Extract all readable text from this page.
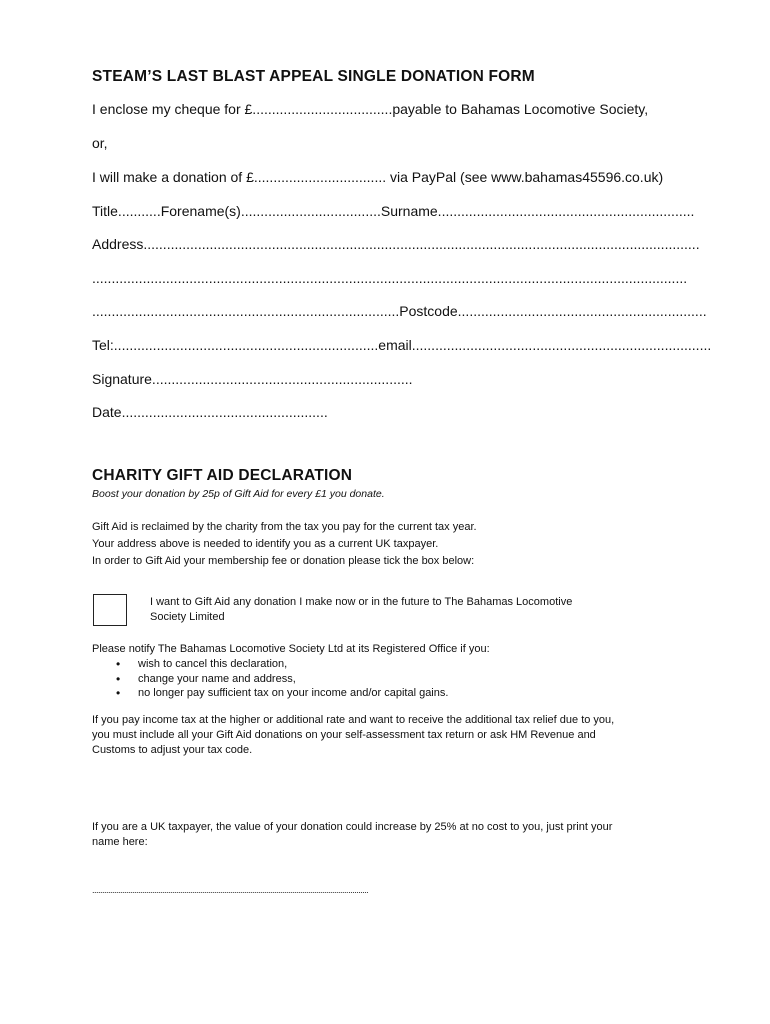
STEAM’S LAST BLAST APPEAL SINGLE DONATION FORM
I enclose my cheque for £....................................payable to Bahamas Locomotive Society,
or,
I will make a donation of £.................................. via PayPal (see www.bahamas45596.co.uk)
Title...........Forename(s)....................................Surname..................................................................
Address...............................................................................................................................................
.........................................................................................................................................................
...............................................................................Postcode................................................................
Tel:....................................................................email.............................................................................
Signature...................................................................
Date.....................................................
CHARITY GIFT AID DECLARATION
Boost your donation by 25p of Gift Aid for every £1 you donate.
Gift Aid is reclaimed by the charity from the tax you pay for the current tax year.
Your address above is needed to identify you as a current UK taxpayer.
In order to Gift Aid your membership fee or donation please tick the box below:
I want to Gift Aid any donation I make now or in the future to The Bahamas Locomotive
Society Limited
Please notify The Bahamas Locomotive Society Ltd at its Registered Office if you:
• wish to cancel this declaration,
• change your name and address,
• no longer pay sufficient tax on your income and/or capital gains.
If you pay income tax at the higher or additional rate and want to receive the additional tax relief due to you,
you must include all your Gift Aid donations on your self-assessment tax return or ask HM Revenue and
Customs to adjust your tax code.
If you are a UK taxpayer, the value of your donation could increase by 25% at no cost to you, just print your
name here:
..........................................................................................................................................
